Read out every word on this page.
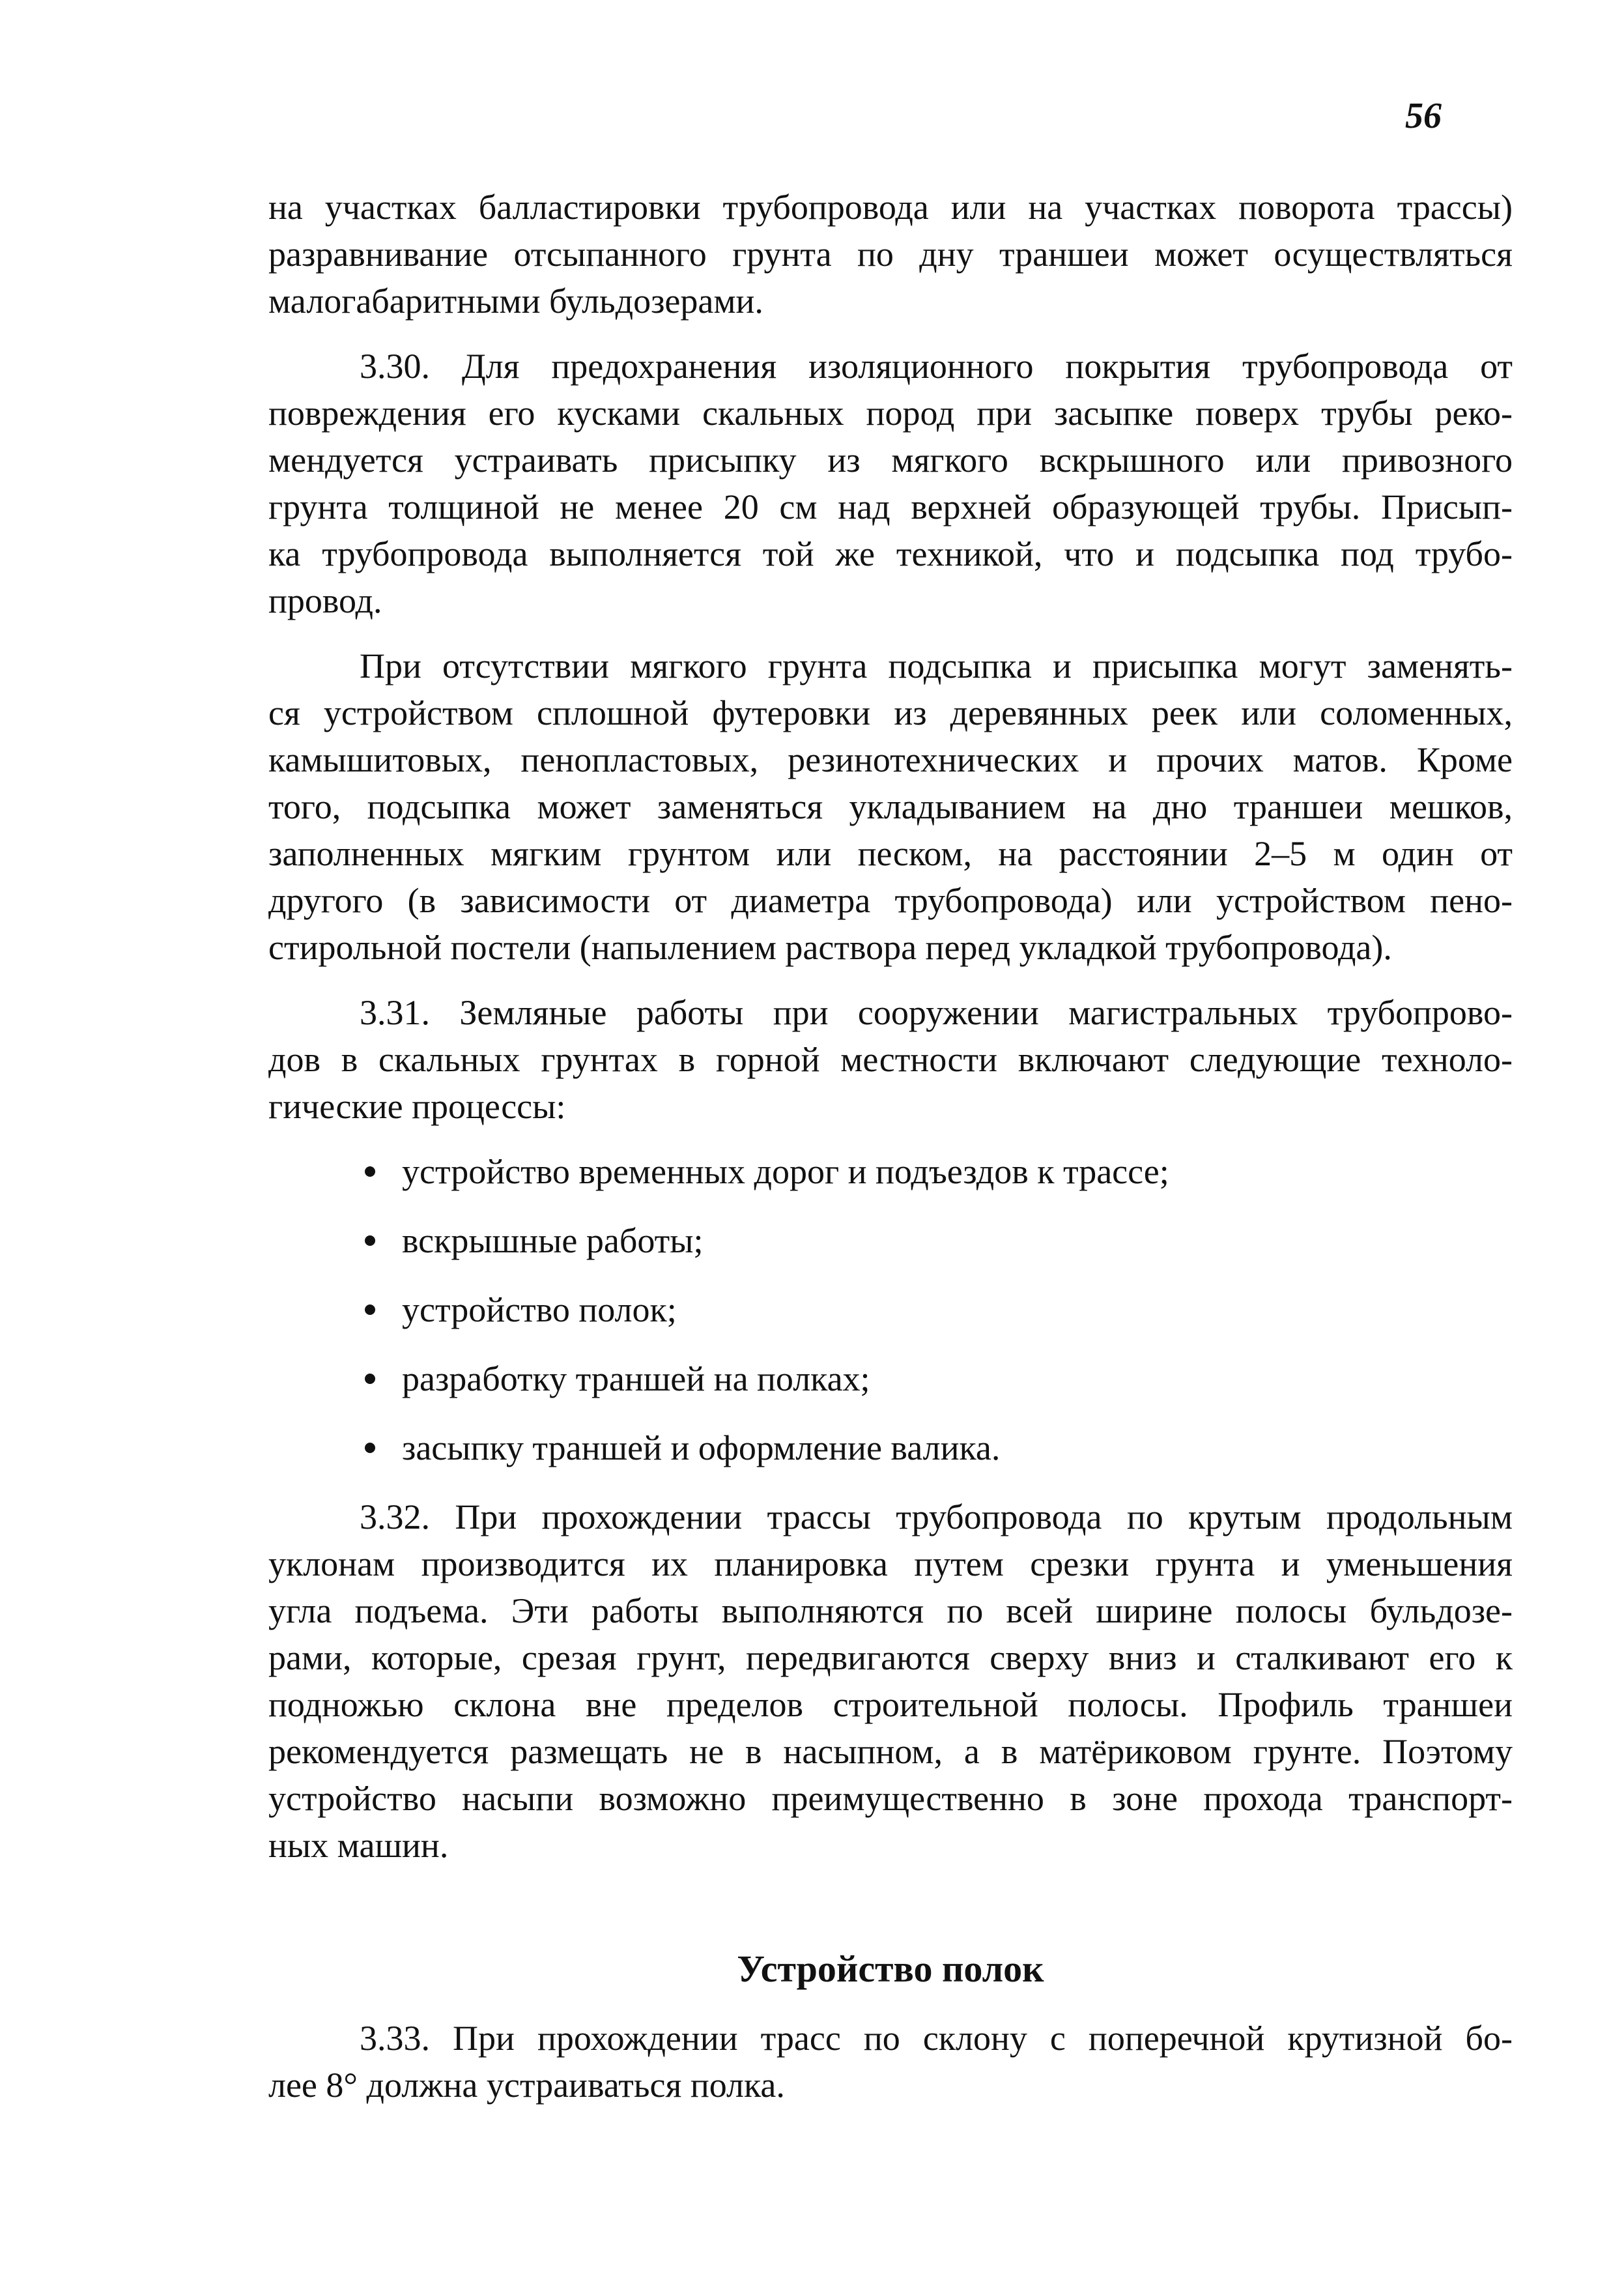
56

на участках балластировки трубопровода или на участках поворота трассы)
разравнивание отсыпанного грунта по дну траншеи может осуществляться
малогабаритными бульдозерами.

3.30. Для предохранения изоляционного покрытия трубопровода от
повреждения его кусками скальных пород при засыпке поверх трубы реко-
мендуется устраивать присыпку из мягкого вскрышного или привозного
грунта толщиной не менее 20 см над верхней образующей трубы. Присып-
ка трубопровода выполняется той же техникой, что и подсыпка под трубо-
провод.

При отсутствии мягкого грунта подсыпка и присыпка могут заменять-
ся устройством сплошной футеровки из деревянных реек или соломенных,
камышитовых, пенопластовых, резинотехнических и прочих матов. Кроме
того, подсыпка может заменяться укладыванием на дно траншеи мешков,
заполненных мягким грунтом или песком, на расстоянии 2–5 м один от
другого (в зависимости от диаметра трубопровода) или устройством пено-
стирольной постели (напылением раствора перед укладкой трубопровода).

3.31. Земляные работы при сооружении магистральных трубопрово-
дов в скальных грунтах в горной местности включают следующие техноло-
гические процессы:

устройство временных дорог и подъездов к трассе;
вскрышные работы;
устройство полок;
разработку траншей на полках;
засыпку траншей и оформление валика.

3.32. При прохождении трассы трубопровода по крутым продольным
уклонам производится их планировка путем срезки грунта и уменьшения
угла подъема. Эти работы выполняются по всей ширине полосы бульдозе-
рами, которые, срезая грунт, передвигаются сверху вниз и сталкивают его к
подножью склона вне пределов строительной полосы. Профиль траншеи
рекомендуется размещать не в насыпном, а в матёриковом грунте. Поэтому
устройство насыпи возможно преимущественно в зоне прохода транспорт-
ных машин.

Устройство полок

3.33. При прохождении трасс по склону с поперечной крутизной бо-
лее 8° должна устраиваться полка.
